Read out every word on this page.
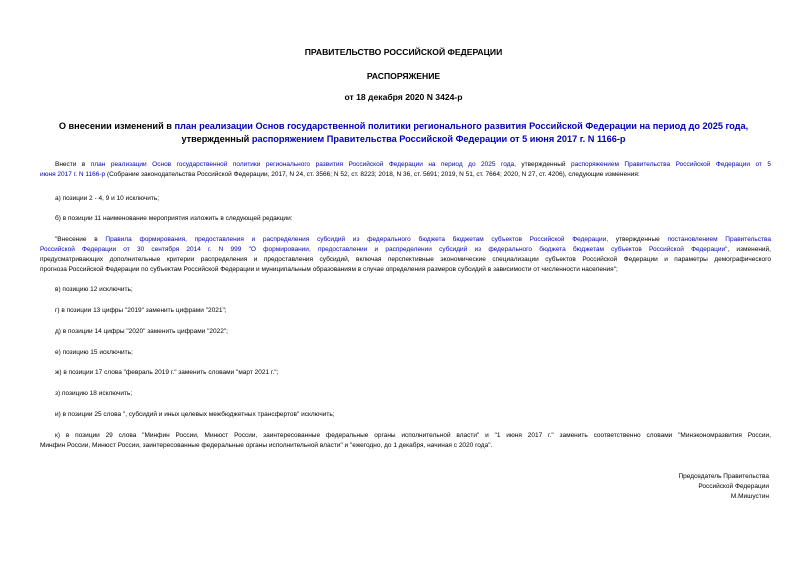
ПРАВИТЕЛЬСТВО РОССИЙСКОЙ ФЕДЕРАЦИИ
РАСПОРЯЖЕНИЕ
от 18 декабря 2020 N 3424-р
О внесении изменений в план реализации Основ государственной политики регионального развития Российской Федерации на период до 2025 года,
утвержденный распоряжением Правительства Российской Федерации от 5 июня 2017 г. N 1166-р
Внести в план реализации Основ государственной политики регионального развития Российской Федерации на период до 2025 года, утвержденный распоряжением Правительства Российской Федерации от 5
июня 2017 г. N 1166-р (Собрание законодательства Российской Федерации, 2017, N 24, ст. 3566; N 52, ст. 8223; 2018, N 36, ст. 5691; 2019, N 51, ст. 7664; 2020, N 27, ст. 4206), следующие изменения:
а) позиции 2 - 4, 9 и 10 исключить;
б) в позиции 11 наименование мероприятия изложить в следующей редакции:
"Внесение в Правила формирования, предоставления и распределения субсидий из федерального бюджета бюджетам субъектов Российской Федерации, утвержденные постановлением Правительства
Российской Федерации от 30 сентября 2014 г. N 999 "О формировании, предоставлении и распределении субсидий из федерального бюджета бюджетам субъектов Российской Федерации", изменений,
предусматривающих дополнительные критерии распределения и предоставления субсидий, включая перспективные экономические специализации субъектов Российской Федерации и параметры демографического
прогноза Российской Федерации по субъектам Российской Федерации и муниципальным образованиям в случае определения размеров субсидий в зависимости от численности населения";
в) позицию 12 исключить;
г) в позиции 13 цифры "2019" заменить цифрами "2021";
д) в позиции 14 цифры "2020" заменить цифрами "2022";
е) позицию 15 исключить;
ж) в позиции 17 слова "февраль 2019 г." заменить словами "март 2021 г.";
з) позицию 18 исключить;
и) в позиции 25 слова ", субсидий и иных целевых межбюджетных трансфертов" исключить;
к) в позиции 29 слова "Минфин России, Минюст России, заинтересованные федеральные органы исполнительной власти" и "1 июня 2017 г." заменить соответственно словами "Минэкономразвития России,
Минфин России, Минюст России, заинтересованные федеральные органы исполнительной власти" и "ежегодно, до 1 декабря, начиная с 2020 года".
Председатель Правительства
Российской Федерации
М.Мишустин
